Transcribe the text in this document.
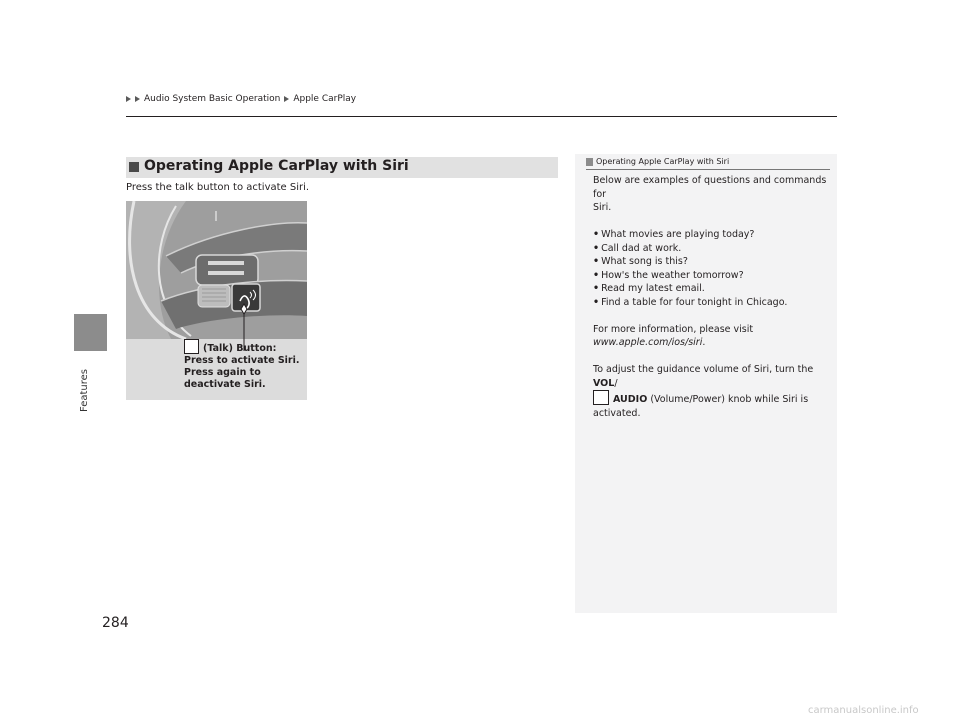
Features
284
Audio System Basic Operation Apple CarPlay
Operating Apple CarPlay with Siri
Press the talk button to activate Siri.
(Talk) Button:
Press to activate Siri.
Press again to
deactivate Siri.
Operating Apple CarPlay with Siri

Below are examples of questions and commands for

Siri.

• What movies are playing today?
• Call dad at work.
• What song is this?
• How's the weather tomorrow?
• Read my latest email.
• Find a table for four tonight in Chicago.

For more information, please visit

www.apple.com/ios/siri.

To adjust the guidance volume of Siri, turn the VOL/

AUDIO (Volume/Power) knob while Siri is

activated.

carmanualsonline.info
